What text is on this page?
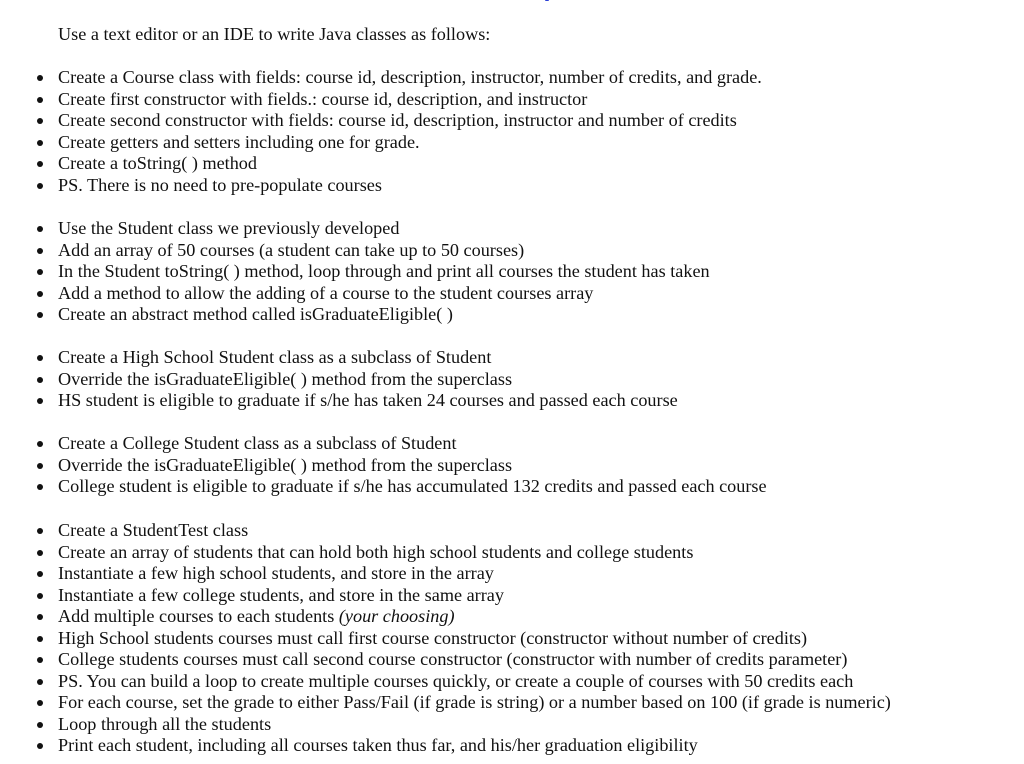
Use a text editor or an IDE to write Java classes as follows:

Create a Course class with fields: course id, description, instructor, number of credits, and grade.
Create first constructor with fields.: course id, description, and instructor
Create second constructor with fields: course id, description, instructor and number of credits
Create getters and setters including one for grade.
Create a toString( ) method
PS. There is no need to pre-populate courses
Use the Student class we previously developed
Add an array of 50 courses (a student can take up to 50 courses)
In the Student toString( ) method, loop through and print all courses the student has taken
Add a method to allow the adding of a course to the student courses array
Create an abstract method called isGraduateEligible( )
Create a High School Student class as a subclass of Student
Override the isGraduateEligible( ) method from the superclass
HS student is eligible to graduate if s/he has taken 24 courses and passed each course
Create a College Student class as a subclass of Student
Override the isGraduateEligible( ) method from the superclass
College student is eligible to graduate if s/he has accumulated 132 credits and passed each course
Create a StudentTest class
Create an array of students that can hold both high school students and college students
Instantiate a few high school students, and store in the array
Instantiate a few college students, and store in the same array
Add multiple courses to each students (your choosing)
High School students courses must call first course constructor (constructor without number of credits)
College students courses must call second course constructor (constructor with number of credits parameter)
PS. You can build a loop to create multiple courses quickly, or create a couple of courses with 50 credits each
For each course, set the grade to either Pass/Fail (if grade is string) or a number based on 100 (if grade is numeric)
Loop through all the students
Print each student, including all courses taken thus far, and his/her graduation eligibility
